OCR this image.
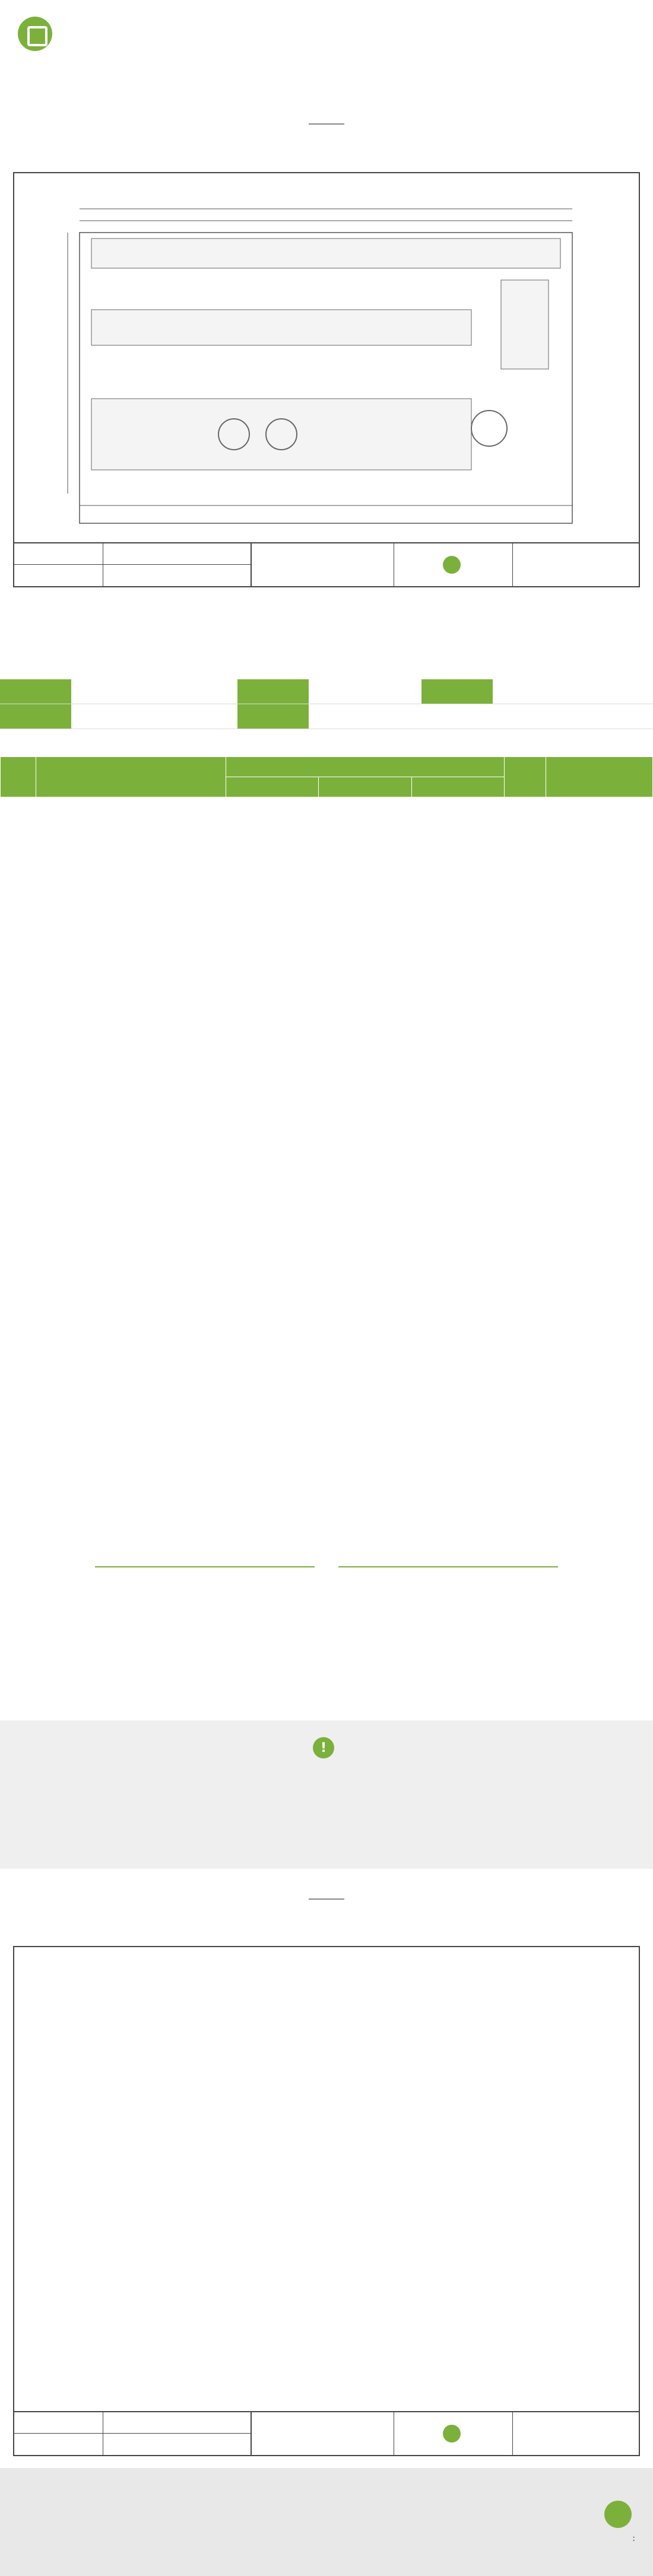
!
:
